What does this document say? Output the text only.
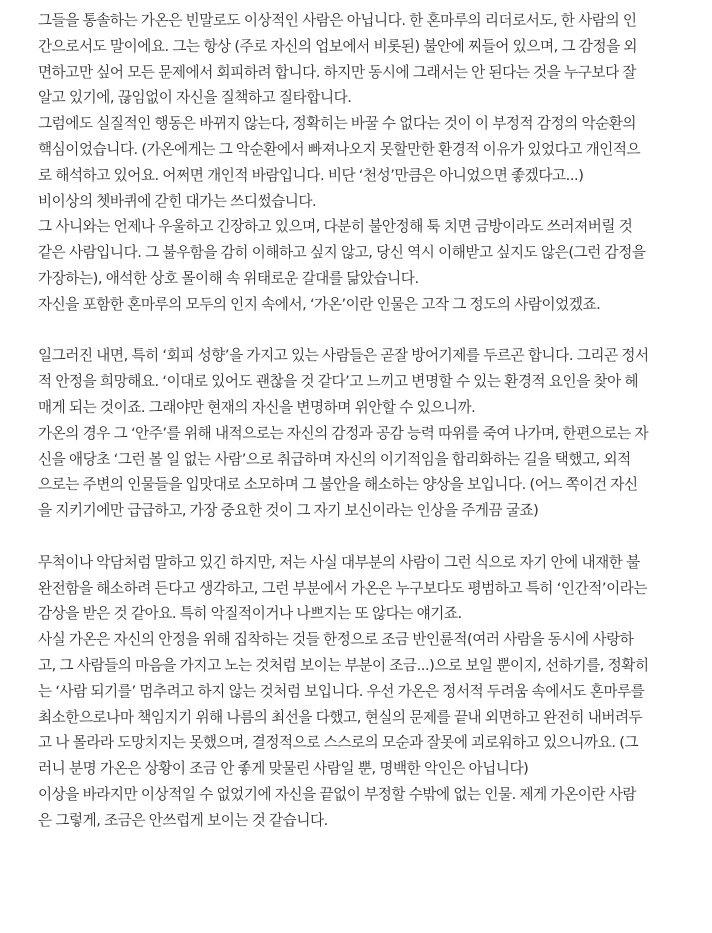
그들을 통솔하는 가온은 빈말로도 이상적인 사람은 아닙니다. 한 혼마루의 리더로서도, 한 사람의 인
간으로서도 말이에요. 그는 항상 (주로 자신의 업보에서 비롯된) 불안에 찌들어 있으며, 그 감정을 외
면하고만 싶어 모든 문제에서 회피하려 합니다. 하지만 동시에 그래서는 안 된다는 것을 누구보다 잘
알고 있기에, 끊임없이 자신을 질책하고 질타합니다.
그럼에도 실질적인 행동은 바뀌지 않는다, 정확히는 바꿀 수 없다는 것이 이 부정적 감정의 악순환의
핵심이었습니다. (가온에게는 그 악순환에서 빠져나오지 못할만한 환경적 이유가 있었다고 개인적으
로 해석하고 있어요. 어쩌면 개인적 바람입니다. 비단 ‘천성’만큼은 아니었으면 좋겠다고...)
비이상의 쳇바퀴에 갇힌 대가는 쓰디썼습니다.
그 사니와는 언제나 우울하고 긴장하고 있으며, 다분히 불안정해 툭 치면 금방이라도 쓰러져버릴 것
같은 사람입니다. 그 불우함을 감히 이해하고 싶지 않고, 당신 역시 이해받고 싶지도 않은(그런 감정을
가장하는), 애석한 상호 몰이해 속 위태로운 갈대를 닮았습니다.
자신을 포함한 혼마루의 모두의 인지 속에서, ‘가온’이란 인물은 고작 그 정도의 사람이었겠죠.
일그러진 내면, 특히 ‘회피 성향’을 가지고 있는 사람들은 곧잘 방어기제를 두르곤 합니다. 그리곤 정서
적 안정을 희망해요. ‘이대로 있어도 괜찮을 것 같다’고 느끼고 변명할 수 있는 환경적 요인을 찾아 헤
매게 되는 것이죠. 그래야만 현재의 자신을 변명하며 위안할 수 있으니까.
가온의 경우 그 ‘안주’를 위해 내적으로는 자신의 감정과 공감 능력 따위를 죽여 나가며, 한편으로는 자
신을 애당초 ‘그런 볼 일 없는 사람’으로 취급하며 자신의 이기적임을 합리화하는 길을 택했고, 외적
으로는 주변의 인물들을 입맛대로 소모하며 그 불안을 해소하는 양상을 보입니다. (어느 쪽이건 자신
을 지키기에만 급급하고, 가장 중요한 것이 그 자기 보신이라는 인상을 주게끔 굴죠)
무척이나 악담처럼 말하고 있긴 하지만, 저는 사실 대부분의 사람이 그런 식으로 자기 안에 내재한 불
완전함을 해소하려 든다고 생각하고, 그런 부분에서 가온은 누구보다도 평범하고 특히 ‘인간적’이라는
감상을 받은 것 같아요. 특히 악질적이거나 나쁘지는 또 않다는 얘기죠.
사실 가온은 자신의 안정을 위해 집착하는 것들 한정으로 조금 반인륜적(여러 사람을 동시에 사랑하
고, 그 사람들의 마음을 가지고 노는 것처럼 보이는 부분이 조금...)으로 보일 뿐이지, 선하기를, 정확히
는 ‘사람 되기를’ 멈추려고 하지 않는 것처럼 보입니다. 우선 가온은 정서적 두려움 속에서도 혼마루를
최소한으로나마 책임지기 위해 나름의 최선을 다했고, 현실의 문제를 끝내 외면하고 완전히 내버려두
고 나 몰라라 도망치지는 못했으며, 결정적으로 스스로의 모순과 잘못에 괴로워하고 있으니까요. (그
러니 분명 가온은 상황이 조금 안 좋게 맞물린 사람일 뿐, 명백한 악인은 아닙니다)
이상을 바라지만 이상적일 수 없었기에 자신을 끝없이 부정할 수밖에 없는 인물. 제게 가온이란 사람
은 그렇게, 조금은 안쓰럽게 보이는 것 같습니다.
